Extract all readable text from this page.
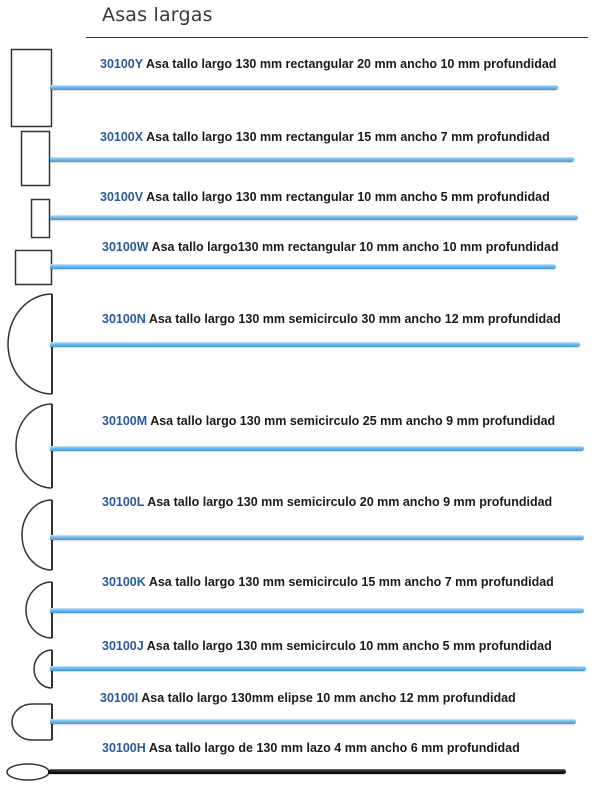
Asas largas
30100Y Asa tallo largo 130 mm rectangular 20 mm ancho 10 mm profundidad
30100X Asa tallo largo 130 mm rectangular 15 mm ancho 7 mm profundidad
30100V Asa tallo largo 130 mm rectangular 10 mm ancho 5 mm profundidad
30100W Asa tallo largo130 mm rectangular 10 mm ancho 10 mm profundidad
30100N Asa tallo largo 130 mm semicirculo 30 mm ancho 12 mm profundidad
30100M Asa tallo largo 130 mm semicirculo 25 mm ancho 9 mm profundidad
30100L Asa tallo largo 130 mm semicirculo 20 mm ancho 9 mm profundidad
30100K Asa tallo largo 130 mm semicirculo 15 mm ancho 7 mm profundidad
30100J Asa tallo largo 130 mm semicirculo 10 mm ancho 5 mm profundidad
30100I Asa tallo largo 130mm elipse 10 mm ancho 12 mm profundidad
30100H Asa tallo largo de 130 mm lazo 4 mm ancho 6 mm profundidad
